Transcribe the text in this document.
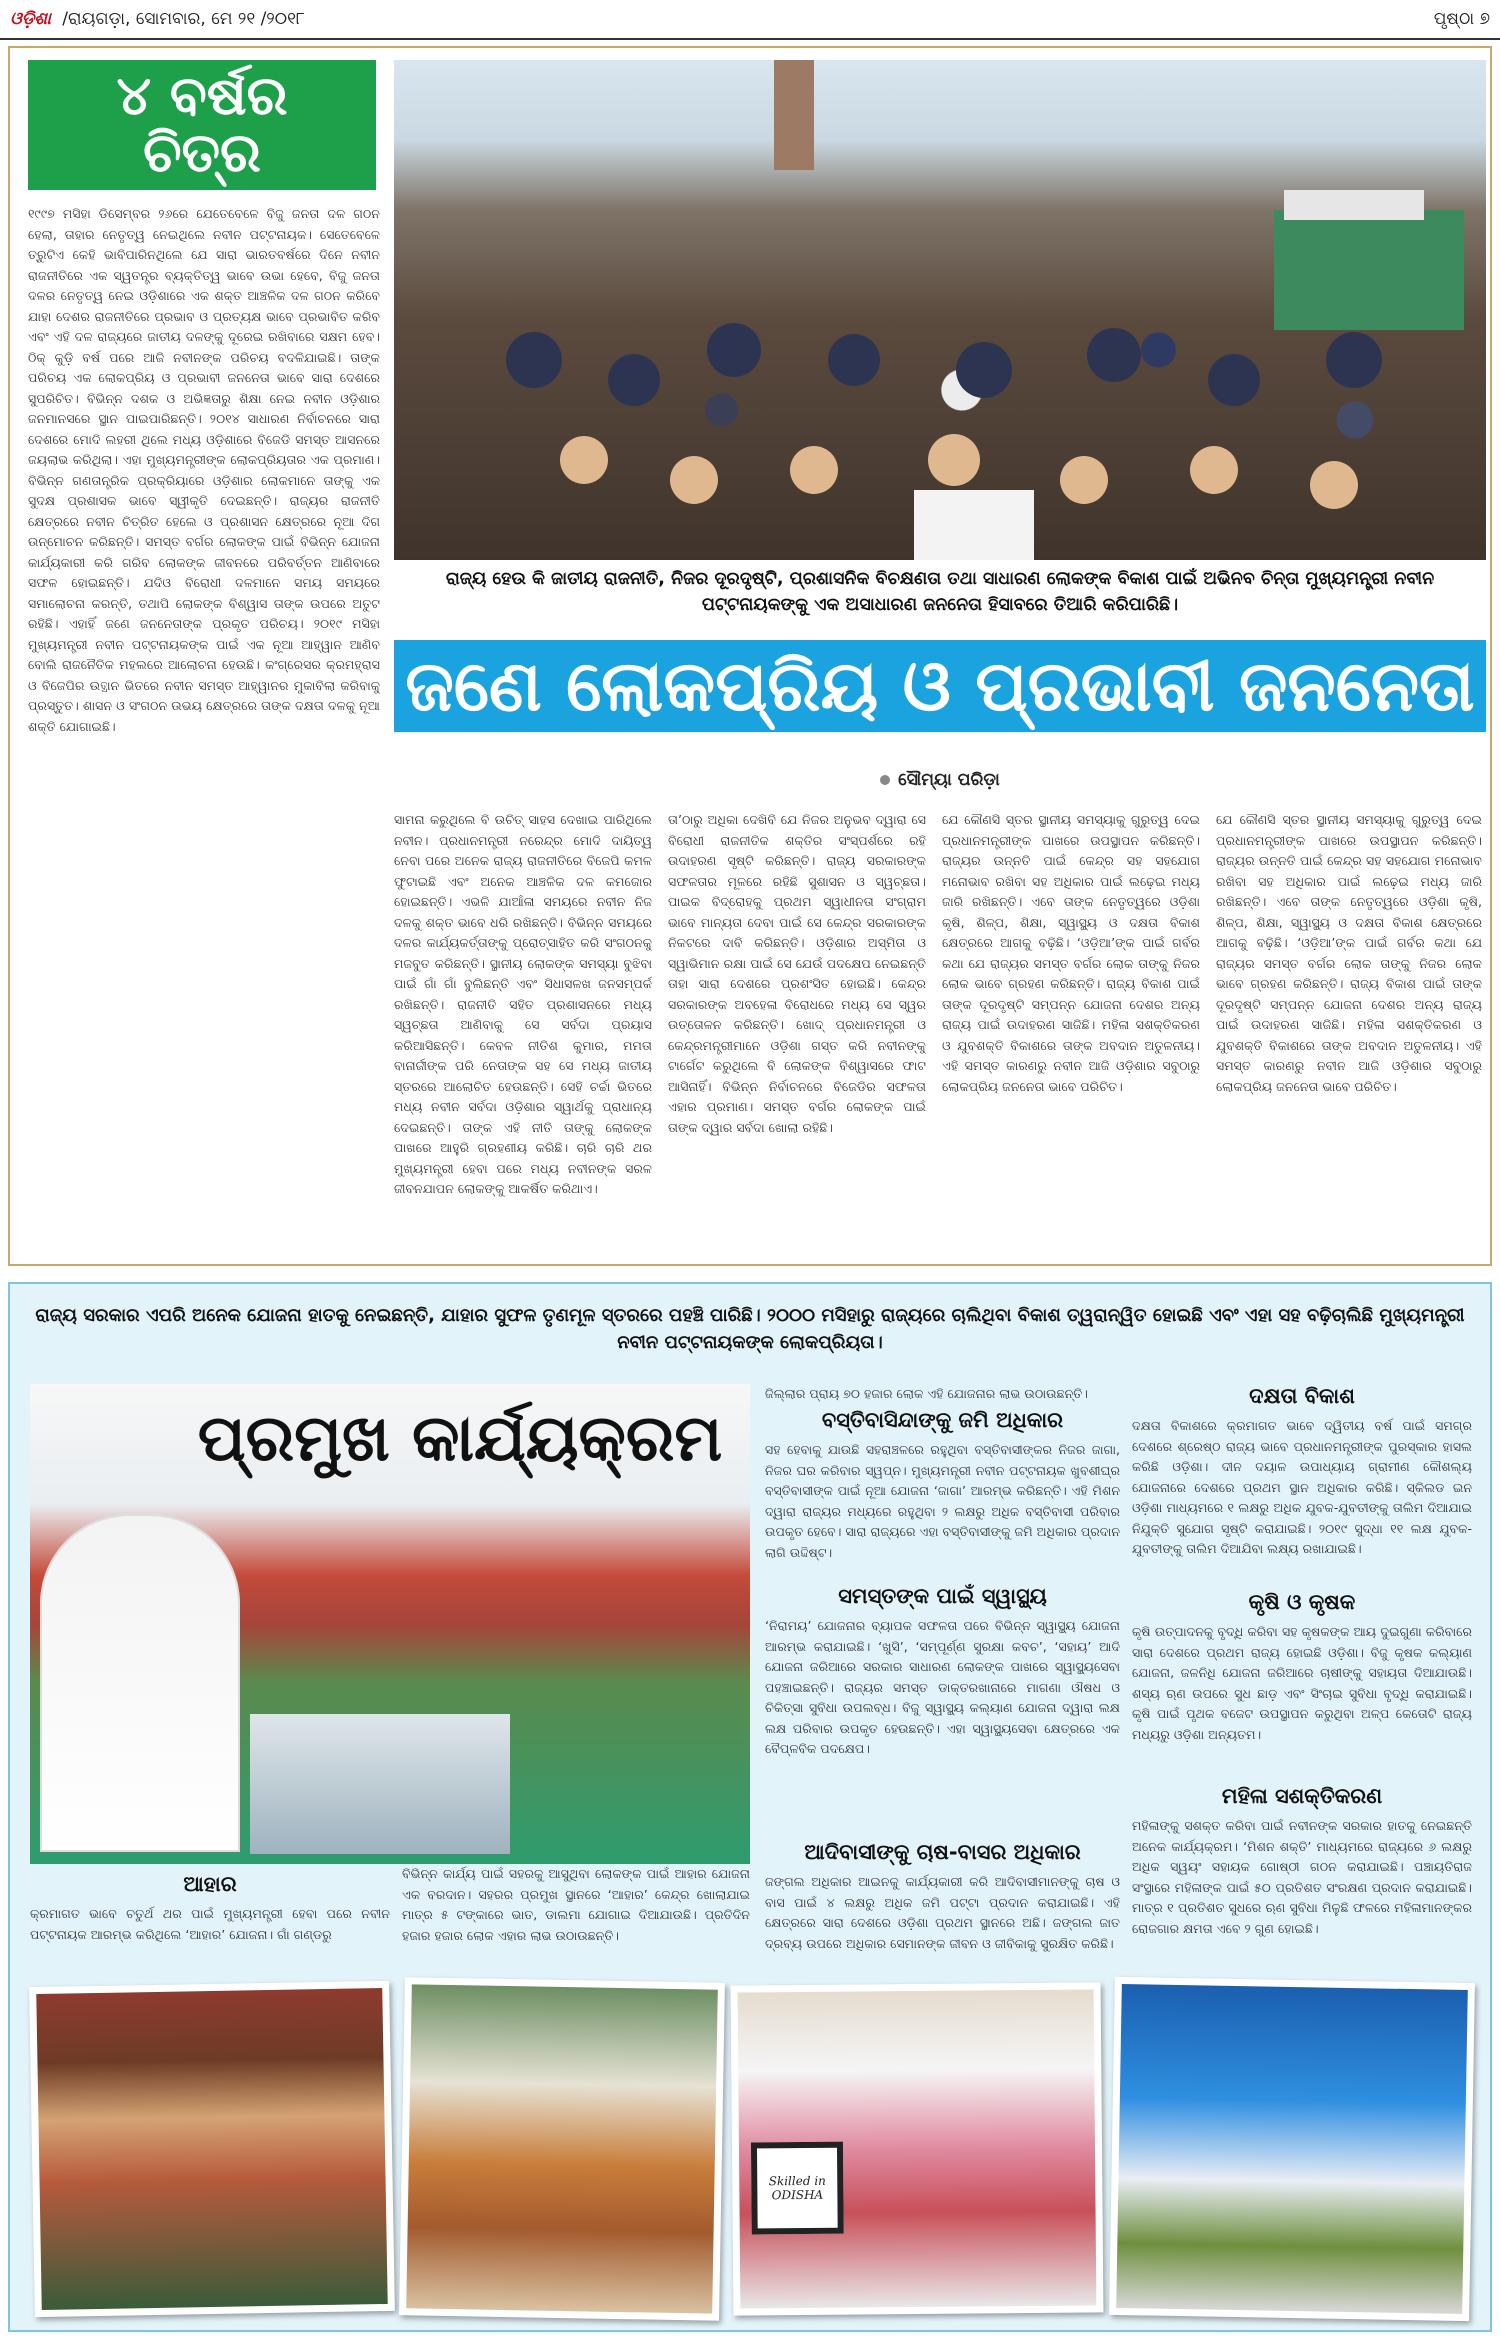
ଓଡ଼ିଶା /ରାୟଗଡ଼ା, ସୋମବାର, ମେ ୨୧ /୨୦୧୮	ପୃଷ୍ଠା ୭
୪ ବର୍ଷର
ଚିତ୍ର
୧୯୯୭ ମସିହା ଡିସେମ୍ବର ୨୬ରେ ଯେତେବେଳେ ବିଜୁ ଜନତା ଦଳ ଗଠନ ହେଲା, ତାହାର ନେତୃତ୍ୱ ନେଇଥିଲେ ନବୀନ ପଟ୍ଟନାୟକ। ସେତେବେଳେ ତ୍ରୁଟିଏ କେହି ଭାବିପାରିନଥିଲେ ଯେ ସାରା ଭାରତବର୍ଷରେ ଦିନେ ନବୀନ ରାଜନୀତିରେ ଏକ ସ୍ୱତନ୍ତ୍ର ବ୍ୟକ୍ତିତ୍ୱ ଭାବେ ଉଭା ହେବେ, ବିଜୁ ଜନତା ଦଳର ନେତୃତ୍ୱ ନେଇ ଓଡ଼ିଶାରେ ଏକ ଶକ୍ତ ଆଞ୍ଚଳିକ ଦଳ ଗଠନ କରିବେ ଯାହା ଦେଶର ରାଜନୀତିରେ ପ୍ରଭାବ ଓ ପ୍ରତ୍ୟକ୍ଷ ଭାବେ ପ୍ରଭାବିତ କରିବ ଏବଂ ଏହି ଦଳ ରାଜ୍ୟରେ ଜାତୀୟ ଦଳଙ୍କୁ ଦୂରେଇ ରଖିବାରେ ସକ୍ଷମ ହେବ। ଠିକ୍ କୁଡ଼ି ବର୍ଷ ପରେ ଆଜି ନବୀନଙ୍କ ପରିଚୟ ବଦଳିଯାଇଛି। ତାଙ୍କ ପରିଚୟ ଏକ ଲୋକପ୍ରିୟ ଓ ପ୍ରଭାବୀ ଜନନେତା ଭାବେ ସାରା ଦେଶରେ ସୁପରିଚିତ। ବିଭିନ୍ନ ଦଶକ ଓ ଅଭିଜ୍ଞତାରୁ ଶିକ୍ଷା ନେଇ ନବୀନ ଓଡ଼ିଶାର ଜନମାନସରେ ସ୍ଥାନ ପାଇପାରିଛନ୍ତି। ୨୦୧୪ ସାଧାରଣ ନିର୍ବାଚନରେ ସାରା ଦେଶରେ ମୋଦି ଲହରୀ ଥିଲେ ମଧ୍ୟ ଓଡ଼ିଶାରେ ବିଜେଡି ସମସ୍ତ ଆସନରେ ଜୟଲାଭ କରିଥିଲା। ଏହା ମୁଖ୍ୟମନ୍ତ୍ରୀଙ୍କ ଲୋକପ୍ରିୟତାର ଏକ ପ୍ରମାଣ। ବିଭିନ୍ନ ଗଣତାନ୍ତ୍ରିକ ପ୍ରକ୍ରିୟାରେ ଓଡ଼ିଶାର ଲୋକମାନେ ତାଙ୍କୁ ଏକ ସୁଦକ୍ଷ ପ୍ରଶାସକ ଭାବେ ସ୍ୱୀକୃତି ଦେଇଛନ୍ତି। ରାଜ୍ୟର ରାଜନୀତି କ୍ଷେତ୍ରରେ ନବୀନ ଚିତ୍ରିତ ହେଲେ ଓ ପ୍ରଶାସନ କ୍ଷେତ୍ରରେ ନୂଆ ଦିଗ ଉନ୍ମୋଚନ କରିଛନ୍ତି। ସମସ୍ତ ବର୍ଗର ଲୋକଙ୍କ ପାଇଁ ବିଭିନ୍ନ ଯୋଜନା କାର୍ଯ୍ୟକାରୀ କରି ଗରିବ ଲୋକଙ୍କ ଜୀବନରେ ପରିବର୍ତ୍ତନ ଆଣିବାରେ ସଫଳ ହୋଇଛନ୍ତି। ଯଦିଓ ବିରୋଧୀ ଦଳମାନେ ସମୟ ସମୟରେ ସମାଲୋଚନା କରନ୍ତି, ତଥାପି ଲୋକଙ୍କ ବିଶ୍ୱାସ ତାଙ୍କ ଉପରେ ଅତୁଟ ରହିଛି। ଏହାହିଁ ଜଣେ ଜନନେତାଙ୍କ ପ୍ରକୃତ ପରିଚୟ। ୨୦୧୯ ମସିହା ମୁଖ୍ୟମନ୍ତ୍ରୀ ନବୀନ ପଟ୍ଟନାୟକଙ୍କ ପାଇଁ ଏକ ନୂଆ ଆହ୍ୱାନ ଆଣିବ ବୋଲି ରାଜନୈତିକ ମହଲରେ ଆଲୋଚନା ହେଉଛି। କଂଗ୍ରେସର କ୍ରମହ୍ରାସ ଓ ବିଜେପିର ଉତ୍ଥାନ ଭିତରେ ନବୀନ ସମସ୍ତ ଆହ୍ୱାନର ମୁକାବିଲା କରିବାକୁ ପ୍ରସ୍ତୁତ। ଶାସନ ଓ ସଂଗଠନ ଉଭୟ କ୍ଷେତ୍ରରେ ତାଙ୍କ ଦକ୍ଷତା ଦଳକୁ ନୂଆ ଶକ୍ତି ଯୋଗାଇଛି।
ରାଜ୍ୟ ହେଉ କି ଜାତୀୟ ରାଜନୀତି, ନିଜର ଦୂରଦୃଷ୍ଟି, ପ୍ରଶାସନିକ ବିଚକ୍ଷଣତା ତଥା ସାଧାରଣ ଲୋକଙ୍କ ବିକାଶ ପାଇଁ ଅଭିନବ ଚିନ୍ତା ମୁଖ୍ୟମନ୍ତ୍ରୀ ନବୀନ ପଟ୍ଟନାୟକଙ୍କୁ ଏକ ଅସାଧାରଣ ଜନନେତା ହିସାବରେ ତିଆରି କରିପାରିଛି।
ଜଣେ ଲୋକପ୍ରିୟ ଓ ପ୍ରଭାବୀ ଜନନେତା
ସୌମ୍ୟା ପରିଡ଼ା
ସାମନା କରୁଥିଲେ ବି ଉଚିତ୍ ସାହସ ଦେଖାଇ ପାରିଥିଲେ ନବୀନ। ପ୍ରଧାନମନ୍ତ୍ରୀ ନରେନ୍ଦ୍ର ମୋଦି ଦାୟିତ୍ୱ ନେବା ପରେ ଅନେକ ରାଜ୍ୟ ରାଜନୀତିରେ ବିଜେପି କମଳ ଫୁଟାଇଛି ଏବଂ ଅନେକ ଆଞ୍ଚଳିକ ଦଳ କମଜୋର ହୋଇଛନ୍ତି। ଏଭଳି ଯାଆଁଳା ସମୟରେ ନବୀନ ନିଜ ଦଳକୁ ଶକ୍ତ ଭାବେ ଧରି ରଖିଛନ୍ତି। ବିଭିନ୍ନ ସମୟରେ ଦଳର କାର୍ଯ୍ୟକର୍ତ୍ତାଙ୍କୁ ପ୍ରୋତ୍ସାହିତ କରି ସଂଗଠନକୁ ମଜବୁତ କରିଛନ୍ତି। ସ୍ଥାନୀୟ ଲୋକଙ୍କ ସମସ୍ୟା ବୁଝିବା ପାଇଁ ଗାଁ ଗାଁ ବୁଲିଛନ୍ତି ଏବଂ ସିଧାସଳଖ ଜନସମ୍ପର୍କ ରଖିଛନ୍ତି। ରାଜନୀତି ସହିତ ପ୍ରଶାସନରେ ମଧ୍ୟ ସ୍ୱଚ୍ଛତା ଆଣିବାକୁ ସେ ସର୍ବଦା ପ୍ରୟାସ କରିଆସିଛନ୍ତି। କେବଳ ନୀତିଶ କୁମାର, ମମତା ବାନାର୍ଜୀଙ୍କ ପରି ନେତାଙ୍କ ସହ ସେ ମଧ୍ୟ ଜାତୀୟ ସ୍ତରରେ ଆଲୋଚିତ ହେଉଛନ୍ତି। ସେହି ଚର୍ଚ୍ଚା ଭିତରେ ମଧ୍ୟ ନବୀନ ସର୍ବଦା ଓଡ଼ିଶାର ସ୍ୱାର୍ଥକୁ ପ୍ରାଧାନ୍ୟ ଦେଇଛନ୍ତି। ତାଙ୍କ ଏହି ନୀତି ତାଙ୍କୁ ଲୋକଙ୍କ ପାଖରେ ଆହୁରି ଗ୍ରହଣୀୟ କରିଛି। ଚାରି ଚାରି ଥର ମୁଖ୍ୟମନ୍ତ୍ରୀ ହେବା ପରେ ମଧ୍ୟ ନବୀନଙ୍କ ସରଳ ଜୀବନଯାପନ ଲୋକଙ୍କୁ ଆକର୍ଷିତ କରିଥାଏ।
ତା’ଠାରୁ ଅଧିକା ଦେଖିବି ଯେ ନିଜର ଅନୁଭବ ଦ୍ୱାରା ସେ ବିରୋଧୀ ରାଜନୀତିକ ଶକ୍ତିର ସଂସ୍ପର୍ଶରେ ରହି ଉଦାହରଣ ସୃଷ୍ଟି କରିଛନ୍ତି। ରାଜ୍ୟ ସରକାରଙ୍କ ସଫଳତାର ମୂଳରେ ରହିଛି ସୁଶାସନ ଓ ସ୍ୱଚ୍ଛତା। ପାଇକ ବିଦ୍ରୋହକୁ ପ୍ରଥମ ସ୍ୱାଧୀନତା ସଂଗ୍ରାମ ଭାବେ ମାନ୍ୟତା ଦେବା ପାଇଁ ସେ କେନ୍ଦ୍ର ସରକାରଙ୍କ ନିକଟରେ ଦାବି କରିଛନ୍ତି। ଓଡ଼ିଶାର ଅସ୍ମିତା ଓ ସ୍ୱାଭିମାନ ରକ୍ଷା ପାଇଁ ସେ ଯେଉଁ ପଦକ୍ଷେପ ନେଇଛନ୍ତି ତାହା ସାରା ଦେଶରେ ପ୍ରଶଂସିତ ହୋଇଛି। କେନ୍ଦ୍ର ସରକାରଙ୍କ ଅବହେଳା ବିରୋଧରେ ମଧ୍ୟ ସେ ସ୍ୱର ଉତ୍ତୋଳନ କରିଛନ୍ତି। ଖୋଦ୍ ପ୍ରଧାନମନ୍ତ୍ରୀ ଓ କେନ୍ଦ୍ରମନ୍ତ୍ରୀମାନେ ଓଡ଼ିଶା ଗସ୍ତ କରି ନବୀନଙ୍କୁ ଟାର୍ଗେଟ କରୁଥିଲେ ବି ଲୋକଙ୍କ ବିଶ୍ୱାସରେ ଫାଟ ଆସିନାହିଁ। ବିଭିନ୍ନ ନିର୍ବାଚନରେ ବିଜେଡିର ସଫଳତା ଏହାର ପ୍ରମାଣ। ସମସ୍ତ ବର୍ଗର ଲୋକଙ୍କ ପାଇଁ ତାଙ୍କ ଦ୍ୱାର ସର୍ବଦା ଖୋଲା ରହିଛି।
ଯେ କୌଣସି ସ୍ତର ସ୍ଥାନୀୟ ସମସ୍ୟାକୁ ଗୁରୁତ୍ୱ ଦେଇ ପ୍ରଧାନମନ୍ତ୍ରୀଙ୍କ ପାଖରେ ଉପସ୍ଥାପନ କରିଛନ୍ତି। ରାଜ୍ୟର ଉନ୍ନତି ପାଇଁ କେନ୍ଦ୍ର ସହ ସହଯୋଗ ମନୋଭାବ ରଖିବା ସହ ଅଧିକାର ପାଇଁ ଲଢ଼େଇ ମଧ୍ୟ ଜାରି ରଖିଛନ୍ତି। ଏବେ ତାଙ୍କ ନେତୃତ୍ୱରେ ଓଡ଼ିଶା କୃଷି, ଶିଳ୍ପ, ଶିକ୍ଷା, ସ୍ୱାସ୍ଥ୍ୟ ଓ ଦକ୍ଷତା ବିକାଶ କ୍ଷେତ୍ରରେ ଆଗକୁ ବଢ଼ିଛି। ‘ଓଡ଼ିଆ’ଙ୍କ ପାଇଁ ଗର୍ବର କଥା ଯେ ରାଜ୍ୟର ସମସ୍ତ ବର୍ଗର ଲୋକ ତାଙ୍କୁ ନିଜର ଲୋକ ଭାବେ ଗ୍ରହଣ କରିଛନ୍ତି। ରାଜ୍ୟ ବିକାଶ ପାଇଁ ତାଙ୍କ ଦୂରଦୃଷ୍ଟି ସମ୍ପନ୍ନ ଯୋଜନା ଦେଶର ଅନ୍ୟ ରାଜ୍ୟ ପାଇଁ ଉଦାହରଣ ସାଜିଛି। ମହିଳା ସଶକ୍ତିକରଣ ଓ ଯୁବଶକ୍ତି ବିକାଶରେ ତାଙ୍କ ଅବଦାନ ଅତୁଳନୀୟ। ଏହି ସମସ୍ତ କାରଣରୁ ନବୀନ ଆଜି ଓଡ଼ିଶାର ସବୁଠାରୁ ଲୋକପ୍ରିୟ ଜନନେତା ଭାବେ ପରିଚିତ।
ଯେ କୌଣସି ସ୍ତର ସ୍ଥାନୀୟ ସମସ୍ୟାକୁ ଗୁରୁତ୍ୱ ଦେଇ ପ୍ରଧାନମନ୍ତ୍ରୀଙ୍କ ପାଖରେ ଉପସ୍ଥାପନ କରିଛନ୍ତି। ରାଜ୍ୟର ଉନ୍ନତି ପାଇଁ କେନ୍ଦ୍ର ସହ ସହଯୋଗ ମନୋଭାବ ରଖିବା ସହ ଅଧିକାର ପାଇଁ ଲଢ଼େଇ ମଧ୍ୟ ଜାରି ରଖିଛନ୍ତି। ଏବେ ତାଙ୍କ ନେତୃତ୍ୱରେ ଓଡ଼ିଶା କୃଷି, ଶିଳ୍ପ, ଶିକ୍ଷା, ସ୍ୱାସ୍ଥ୍ୟ ଓ ଦକ୍ଷତା ବିକାଶ କ୍ଷେତ୍ରରେ ଆଗକୁ ବଢ଼ିଛି। ‘ଓଡ଼ିଆ’ଙ୍କ ପାଇଁ ଗର୍ବର କଥା ଯେ ରାଜ୍ୟର ସମସ୍ତ ବର୍ଗର ଲୋକ ତାଙ୍କୁ ନିଜର ଲୋକ ଭାବେ ଗ୍ରହଣ କରିଛନ୍ତି। ରାଜ୍ୟ ବିକାଶ ପାଇଁ ତାଙ୍କ ଦୂରଦୃଷ୍ଟି ସମ୍ପନ୍ନ ଯୋଜନା ଦେଶର ଅନ୍ୟ ରାଜ୍ୟ ପାଇଁ ଉଦାହରଣ ସାଜିଛି। ମହିଳା ସଶକ୍ତିକରଣ ଓ ଯୁବଶକ୍ତି ବିକାଶରେ ତାଙ୍କ ଅବଦାନ ଅତୁଳନୀୟ। ଏହି ସମସ୍ତ କାରଣରୁ ନବୀନ ଆଜି ଓଡ଼ିଶାର ସବୁଠାରୁ ଲୋକପ୍ରିୟ ଜନନେତା ଭାବେ ପରିଚିତ।
ରାଜ୍ୟ ସରକାର ଏପରି ଅନେକ ଯୋଜନା ହାତକୁ ନେଇଛନ୍ତି, ଯାହାର ସୁଫଳ ତୃଣମୂଳ ସ୍ତରରେ ପହଞ୍ଚି ପାରିଛି। ୨୦୦୦ ମସିହାରୁ ରାଜ୍ୟରେ ଚାଲିଥିବା ବିକାଶ ତ୍ୱରାନ୍ୱିତ ହୋଇଛି ଏବଂ ଏହା ସହ ବଢ଼ିଚାଲିଛି ମୁଖ୍ୟମନ୍ତ୍ରୀ ନବୀନ ପଟ୍ଟନାୟକଙ୍କ ଲୋକପ୍ରିୟତା।
ପ୍ରମୁଖ କାର୍ଯ୍ୟକ୍ରମ
ଆହାର
କ୍ରମାଗତ ଭାବେ ଚତୁର୍ଥ ଥର ପାଇଁ ମୁଖ୍ୟମନ୍ତ୍ରୀ ହେବା ପରେ ନବୀନ ପଟ୍ଟନାୟକ ଆରମ୍ଭ କରିଥିଲେ ‘ଆହାର’ ଯୋଜନା। ଗାଁ ଗଣ୍ଡରୁ
ବିଭିନ୍ନ କାର୍ଯ୍ୟ ପାଇଁ ସହରକୁ ଆସୁଥିବା ଲୋକଙ୍କ ପାଇଁ ଆହାର ଯୋଜନା ଏକ ବରଦାନ। ସହରର ପ୍ରମୁଖ ସ୍ଥାନରେ ‘ଆହାର’ କେନ୍ଦ୍ର ଖୋଲାଯାଇ ମାତ୍ର ୫ ଟଙ୍କାରେ ଭାତ, ଡାଲମା ଯୋଗାଇ ଦିଆଯାଉଛି। ପ୍ରତିଦିନ ହଜାର ହଜାର ଲୋକ ଏହାର ଲାଭ ଉଠାଉଛନ୍ତି।
ଜିଲ୍ଲାର ପ୍ରାୟ ୭୦ ହଜାର ଲୋକ ଏହି ଯୋଜନାର ଲାଭ ଉଠାଉଛନ୍ତି।
ବସ୍ତିବାସିନ୍ଦାଙ୍କୁ ଜମି ଅଧିକାର
ସହ ହେବାକୁ ଯାଉଛି ସହରାଞ୍ଚଳରେ ରହୁଥିବା ବସ୍ତିବାସୀଙ୍କର ନିଜର ଜାଗା, ନିଜର ଘର କରିବାର ସ୍ୱପ୍ନ। ମୁଖ୍ୟମନ୍ତ୍ରୀ ନବୀନ ପଟ୍ଟନାୟକ ଖୁବଶୀଘ୍ର ବସ୍ତିବାସୀଙ୍କ ପାଇଁ ନୂଆ ଯୋଜନା ‘ଜାଗା’ ଆରମ୍ଭ କରିଛନ୍ତି। ଏହି ମିଶନ ଦ୍ୱାରା ରାଜ୍ୟର ମଧ୍ୟରେ ରହୁଥିବା ୨ ଲକ୍ଷରୁ ଅଧିକ ବସ୍ତିବାସୀ ପରିବାର ଉପକୃତ ହେବେ। ସାରା ରାଜ୍ୟରେ ଏହା ବସ୍ତିବାସୀଙ୍କୁ ଜମି ଅଧିକାର ପ୍ରଦାନ ଲାଗି ଉଦ୍ଦିଷ୍ଟ।
ସମସ୍ତଙ୍କ ପାଇଁ ସ୍ୱାସ୍ଥ୍ୟ
‘ନିରାମୟ’ ଯୋଜନାର ବ୍ୟାପକ ସଫଳତା ପରେ ବିଭିନ୍ନ ସ୍ୱାସ୍ଥ୍ୟ ଯୋଜନା ଆରମ୍ଭ କରାଯାଇଛି। ‘ଖୁସି’, ‘ସମ୍ପୂର୍ଣ୍ଣ ସୁରକ୍ଷା କବଚ’, ‘ସହାୟ’ ଆଦି ଯୋଜନା ଜରିଆରେ ସରକାର ସାଧାରଣ ଲୋକଙ୍କ ପାଖରେ ସ୍ୱାସ୍ଥ୍ୟସେବା ପହଞ୍ଚାଇଛନ୍ତି। ରାଜ୍ୟର ସମସ୍ତ ଡାକ୍ତରଖାନାରେ ମାଗଣା ଔଷଧ ଓ ଚିକିତ୍ସା ସୁବିଧା ଉପଲବ୍ଧ। ବିଜୁ ସ୍ୱାସ୍ଥ୍ୟ କଲ୍ୟାଣ ଯୋଜନା ଦ୍ୱାରା ଲକ୍ଷ ଲକ୍ଷ ପରିବାର ଉପକୃତ ହେଉଛନ୍ତି। ଏହା ସ୍ୱାସ୍ଥ୍ୟସେବା କ୍ଷେତ୍ରରେ ଏକ ବୈପ୍ଳବିକ ପଦକ୍ଷେପ।
ଆଦିବାସୀଙ୍କୁ ଚାଷ-ବାସର ଅଧିକାର
ଜଙ୍ଗଲ ଅଧିକାର ଆଇନକୁ କାର୍ଯ୍ୟକାରୀ କରି ଆଦିବାସୀମାନଙ୍କୁ ଚାଷ ଓ ବାସ ପାଇଁ ୪ ଲକ୍ଷରୁ ଅଧିକ ଜମି ପଟ୍ଟା ପ୍ରଦାନ କରାଯାଇଛି। ଏହି କ୍ଷେତ୍ରରେ ସାରା ଦେଶରେ ଓଡ଼ିଶା ପ୍ରଥମ ସ୍ଥାନରେ ଅଛି। ଜଙ୍ଗଲ ଜାତ ଦ୍ରବ୍ୟ ଉପରେ ଅଧିକାର ସେମାନଙ୍କ ଜୀବନ ଓ ଜୀବିକାକୁ ସୁରକ୍ଷିତ କରିଛି।
ଦକ୍ଷତା ବିକାଶ
ଦକ୍ଷତା ବିକାଶରେ କ୍ରମାଗତ ଭାବେ ଦ୍ୱିତୀୟ ବର୍ଷ ପାଇଁ ସମଗ୍ର ଦେଶରେ ଶ୍ରେଷ୍ଠ ରାଜ୍ୟ ଭାବେ ପ୍ରଧାନମନ୍ତ୍ରୀଙ୍କ ପୁରସ୍କାର ହାସଲ କରିଛି ଓଡ଼ିଶା। ଦୀନ ଦୟାଳ ଉପାଧ୍ୟାୟ ଗ୍ରାମୀଣ କୌଶଲ୍ୟ ଯୋଜନାରେ ଦେଶରେ ପ୍ରଥମ ସ୍ଥାନ ଅଧିକାର କରିଛି। ସ୍କିଲଡ ଇନ ଓଡ଼ିଶା ମାଧ୍ୟମରେ ୧ ଲକ୍ଷରୁ ଅଧିକ ଯୁବକ-ଯୁବତୀଙ୍କୁ ତାଲିମ ଦିଆଯାଇ ନିଯୁକ୍ତି ସୁଯୋଗ ସୃଷ୍ଟି କରାଯାଇଛି। ୨୦୧୯ ସୁଦ୍ଧା ୧୧ ଲକ୍ଷ ଯୁବକ-ଯୁବତୀଙ୍କୁ ତାଲିମ ଦିଆଯିବା ଲକ୍ଷ୍ୟ ରଖାଯାଇଛି।
କୃଷି ଓ କୃଷକ
କୃଷି ଉତ୍ପାଦନକୁ ବୃଦ୍ଧି କରିବା ସହ କୃଷକଙ୍କ ଆୟ ଦୁଇଗୁଣା କରିବାରେ ସାରା ଦେଶରେ ପ୍ରଥମ ରାଜ୍ୟ ହୋଇଛି ଓଡ଼ିଶା। ବିଜୁ କୃଷକ କଲ୍ୟାଣ ଯୋଜନା, ଜଳନିଧି ଯୋଜନା ଜରିଆରେ ଚାଷୀଙ୍କୁ ସହାୟତା ଦିଆଯାଉଛି। ଶସ୍ୟ ଋଣ ଉପରେ ସୁଧ ଛାଡ଼ ଏବଂ ସିଂଚାଇ ସୁବିଧା ବୃଦ୍ଧି କରାଯାଇଛି। କୃଷି ପାଇଁ ପୃଥକ ବଜେଟ ଉପସ୍ଥାପନ କରୁଥିବା ଅଳ୍ପ କେତୋଟି ରାଜ୍ୟ ମଧ୍ୟରୁ ଓଡ଼ିଶା ଅନ୍ୟତମ।
ମହିଳା ସଶକ୍ତିକରଣ
ମହିଳାଙ୍କୁ ସଶକ୍ତ କରିବା ପାଇଁ ନବୀନଙ୍କ ସରକାର ହାତକୁ ନେଇଛନ୍ତି ଅନେକ କାର୍ଯ୍ୟକ୍ରମ। ‘ମିଶନ ଶକ୍ତି’ ମାଧ୍ୟମରେ ରାଜ୍ୟରେ ୬ ଲକ୍ଷରୁ ଅଧିକ ସ୍ୱୟଂ ସହାୟକ ଗୋଷ୍ଠୀ ଗଠନ କରାଯାଇଛି। ପଞ୍ଚାୟତିରାଜ ସଂସ୍ଥାରେ ମହିଳାଙ୍କ ପାଇଁ ୫୦ ପ୍ରତିଶତ ସଂରକ୍ଷଣ ପ୍ରଦାନ କରାଯାଇଛି। ମାତ୍ର ୧ ପ୍ରତିଶତ ସୁଧରେ ଋଣ ସୁବିଧା ମିଳୁଛି ଫଳରେ ମହିଳାମାନଙ୍କର ରୋଜଗାର କ୍ଷମତା ଏବେ ୨ ଗୁଣ ହୋଇଛି।
Skilled in ODISHA
